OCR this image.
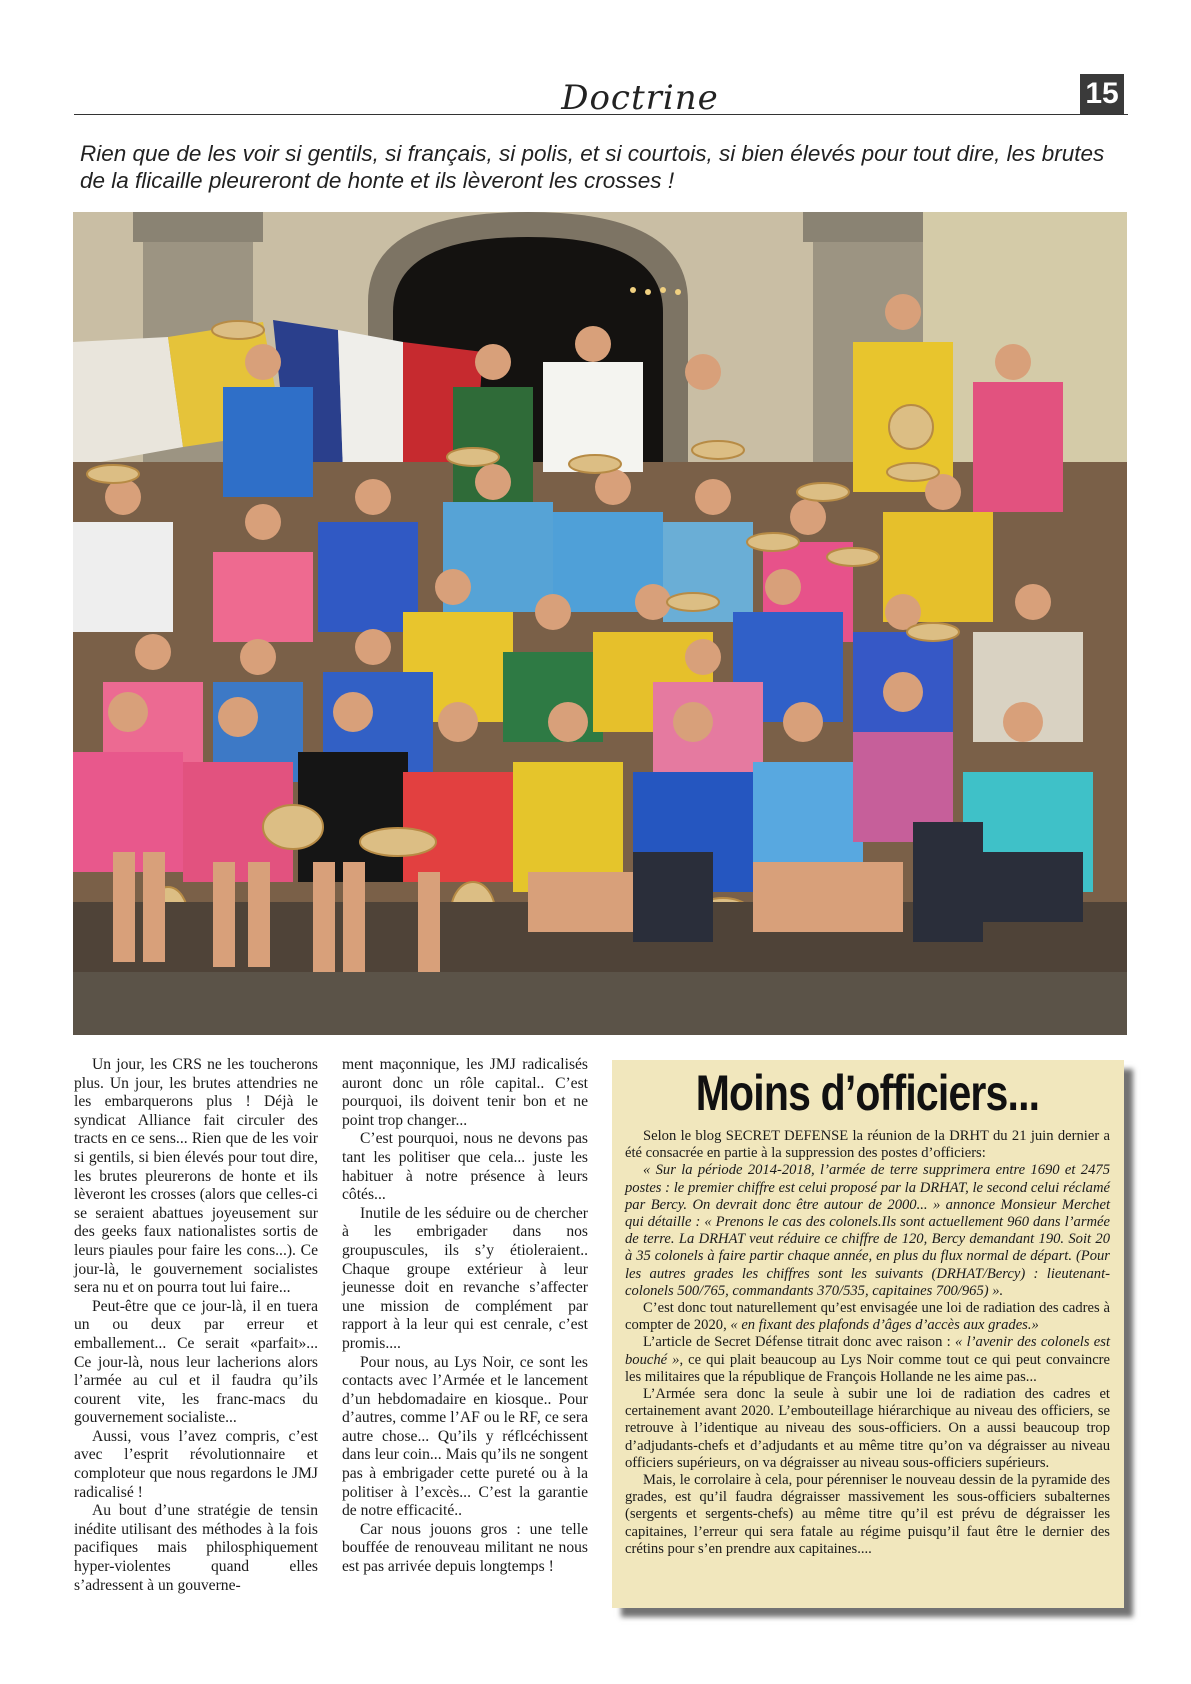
Doctrine	15
Rien que de les voir si gentils, si français, si polis, et si courtois, si bien élevés pour tout dire, les brutes de la flicaille pleureront de honte et ils lèveront les crosses !

Un jour, les CRS ne les toucherons plus. Un jour, les brutes attendries ne les embarquerons plus ! Déjà le syndicat Alliance fait circuler des tracts en ce sens... Rien que de les voir si gentils, si bien élevés pour tout dire, les brutes pleurerons de honte et ils lèveront les crosses (alors que celles-ci se seraient abattues joyeusement sur des geeks faux nationalistes sortis de leurs piaules pour faire les cons...). Ce jour-là, le gouvernement socialistes sera nu et on pourra tout lui faire...

Peut-être que ce jour-là, il en tuera un ou deux par erreur et emballement... Ce serait «parfait»... Ce jour-là, nous leur lacherions alors l’armée au cul et il faudra qu’ils courent vite, les franc-macs du gouvernement socialiste...

Aussi, vous l’avez compris, c’est avec l’esprit révolutionnaire et comploteur que nous regardons le JMJ radicalisé !

Au bout d’une stratégie de tensin inédite utilisant des méthodes à la fois pacifiques mais philosphiquement hyper-violentes quand elles s’adressent à un gouverne-

ment maçonnique, les JMJ radicalisés auront donc un rôle capital.. C’est pourquoi, ils doivent tenir bon et ne point trop changer...

C’est pourquoi, nous ne devons pas tant les politiser que cela... juste les habituer à notre présence à leurs côtés...

Inutile de les séduire ou de chercher à les embrigader dans nos groupuscules, ils s’y étioleraient.. Chaque groupe extérieur à leur jeunesse doit en revanche s’affecter une mission de complément par rapport à la leur qui est cenrale, c’est promis....

Pour nous, au Lys Noir, ce sont les contacts avec l’Armée et le lancement d’un hebdomadaire en kiosque.. Pour d’autres, comme l’AF ou le RF, ce sera autre chose... Qu’ils y réflcéchissent dans leur coin... Mais qu’ils ne songent pas à embrigader cette pureté ou à la politiser à l’excès... C’est la garantie de notre efficacité..

Car nous jouons gros : une telle bouffée de renouveau militant ne nous est pas arrivée depuis longtemps !

Moins d’officiers...

Selon le blog SECRET DEFENSE la réunion de la DRHT du 21 juin dernier a été consacrée en partie à la suppression des postes d’officiers:

« Sur la période 2014-2018, l’armée de terre supprimera entre 1690 et 2475 postes : le premier chiffre est celui proposé par la DRHAT, le second celui réclamé par Bercy. On devrait donc être autour de 2000... » annonce Monsieur Merchet qui détaille : « Prenons le cas des colonels.Ils sont actuellement 960 dans l’armée de terre. La DRHAT veut réduire ce chiffre de 120, Bercy demandant 190. Soit 20 à 35 colonels à faire partir chaque année, en plus du flux normal de départ. (Pour les autres grades les chiffres sont les suivants (DRHAT/Bercy) : lieutenant-colonels 500/765, commandants 370/535, capitaines 700/965) ».

C’est donc tout naturellement qu’est envisagée une loi de radiation des cadres à compter de 2020, « en fixant des plafonds d’âges d’accès aux grades.»

L’article de Secret Défense titrait donc avec raison : « l’avenir des colonels est bouché », ce qui plait beaucoup au Lys Noir comme tout ce qui peut convaincre les militaires que la république de François Hollande ne les aime pas...

L’Armée sera donc la seule à subir une loi de radiation des cadres et certainement avant 2020. L’embouteillage hiérarchique au niveau des officiers, se retrouve à l’identique au niveau des sous-officiers. On a aussi beaucoup trop d’adjudants-chefs et d’adjudants et au même titre qu’on va dégraisser au niveau officiers supérieurs, on va dégraisser au niveau sous-officiers supérieurs.

Mais, le corrolaire à cela, pour pérenniser le nouveau dessin de la pyramide des grades, est qu’il faudra dégraisser massivement les sous-officiers subalternes (sergents et sergents-chefs) au même titre qu’il est prévu de dégraisser les capitaines, l’erreur qui sera fatale au régime puisqu’il faut être le dernier des crétins pour s’en prendre aux capitaines....
